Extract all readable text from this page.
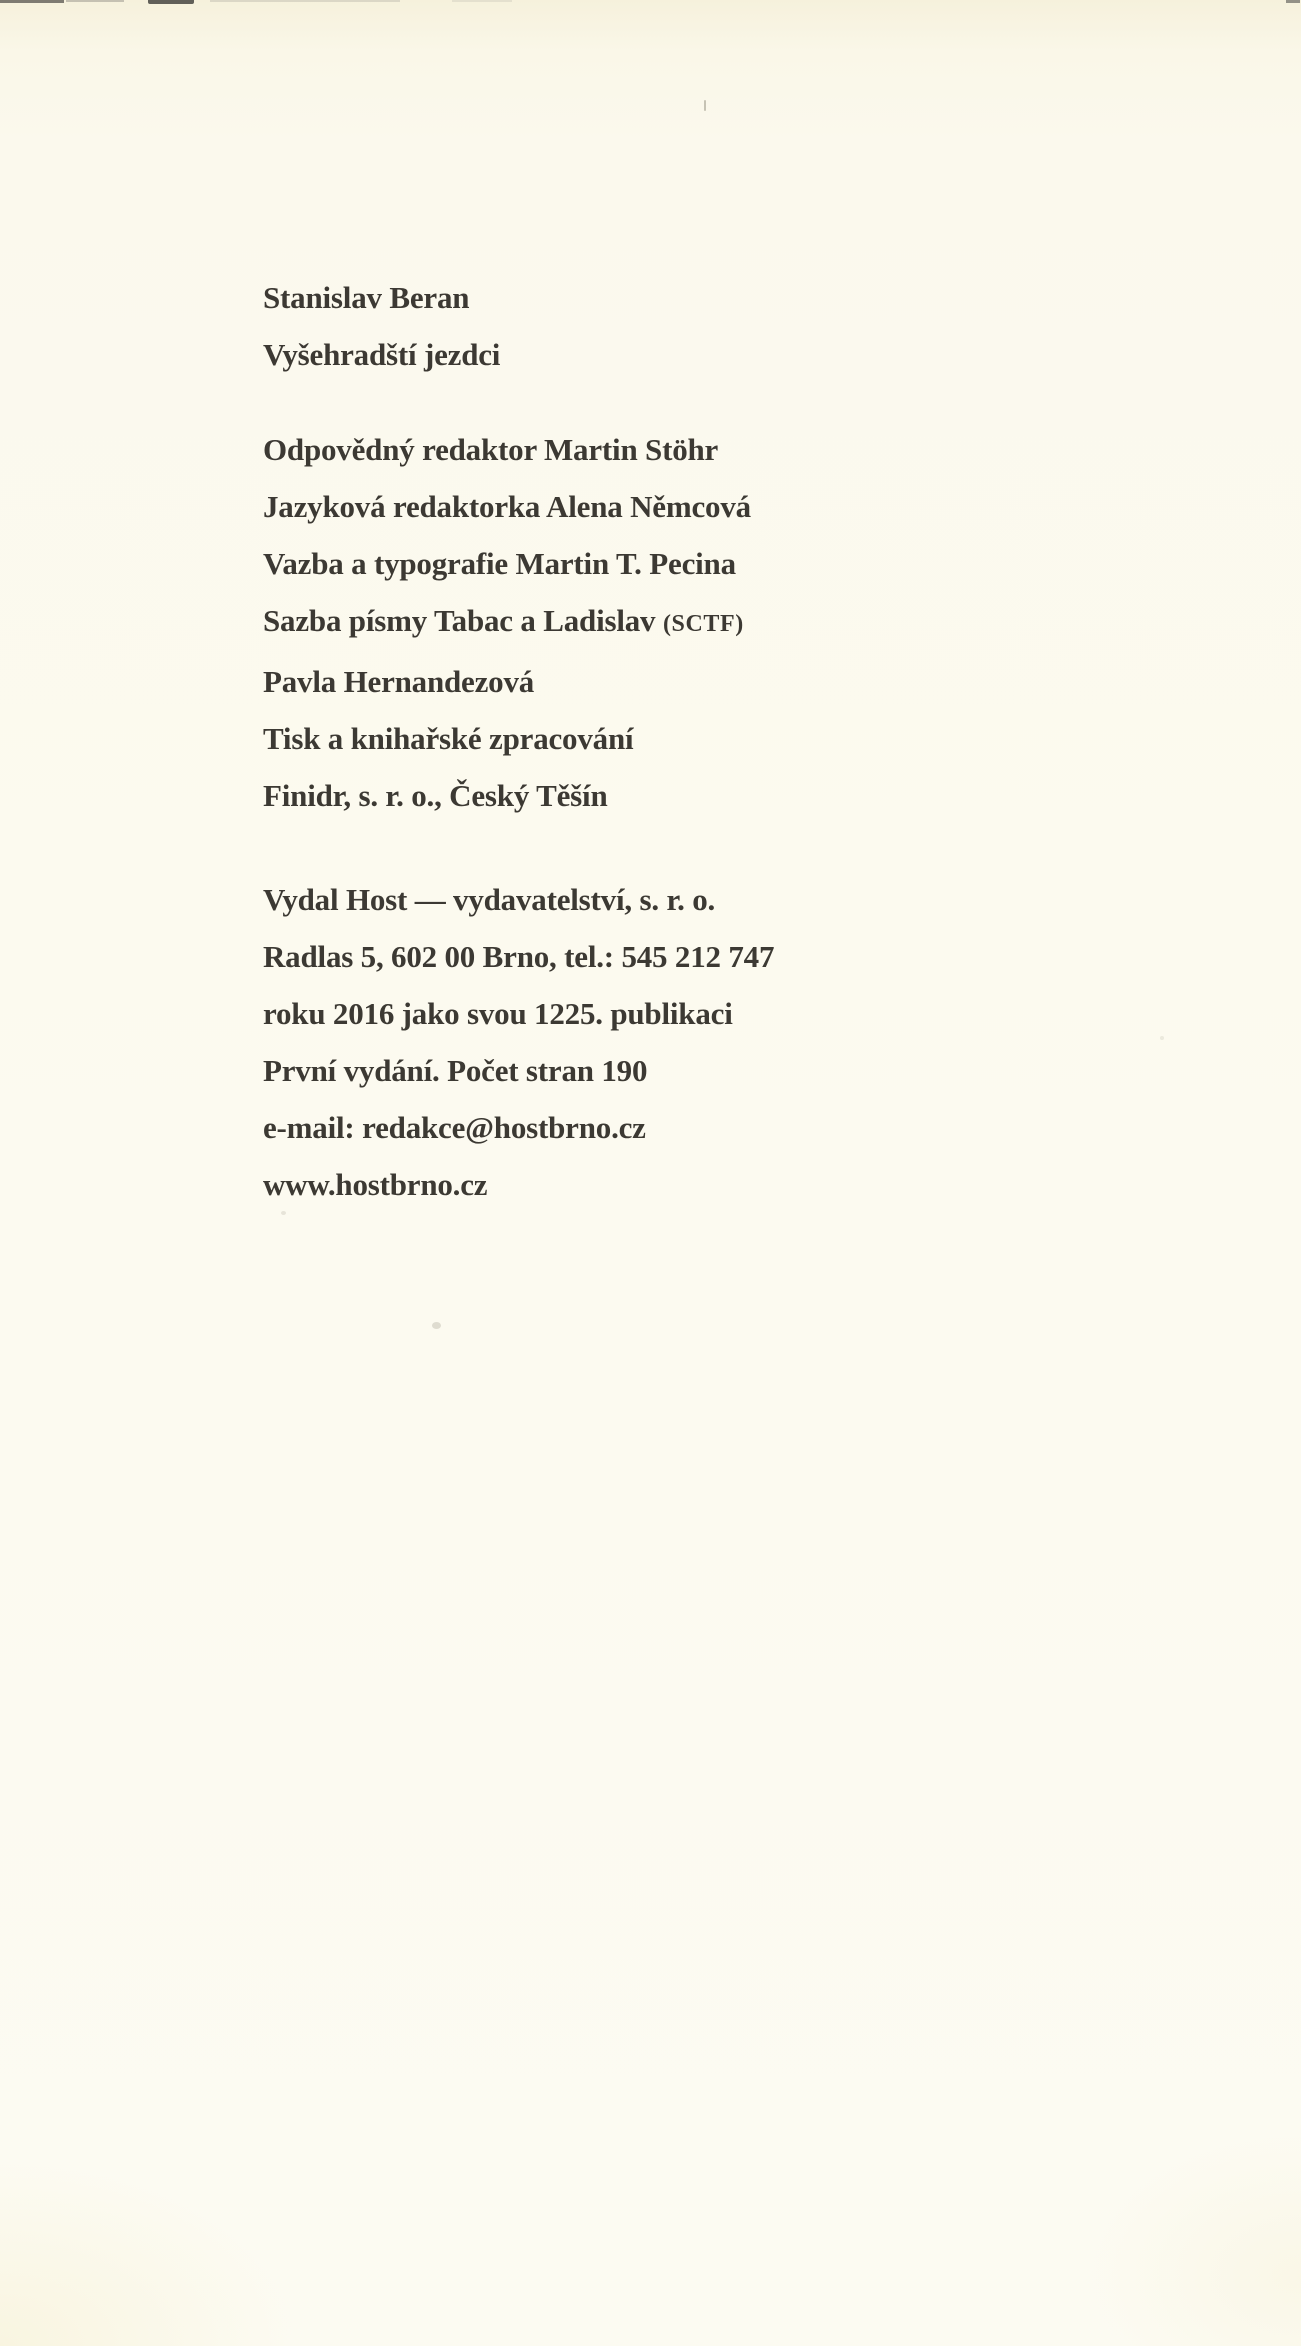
Stanislav Beran

Vyšehradští jezdci

Odpovědný redaktor Martin Stöhr

Jazyková redaktorka Alena Němcová

Vazba a typografie Martin T. Pecina

Sazba písmy Tabac a Ladislav (SCTF)

Pavla Hernandezová

Tisk a knihařské zpracování

Finidr, s. r. o., Český Těšín

Vydal Host — vydavatelství, s. r. o.

Radlas 5, 602 00 Brno, tel.: 545 212 747

roku 2016 jako svou 1225. publikaci

První vydání. Počet stran 190

e-mail: redakce@hostbrno.cz

www.hostbrno.cz
